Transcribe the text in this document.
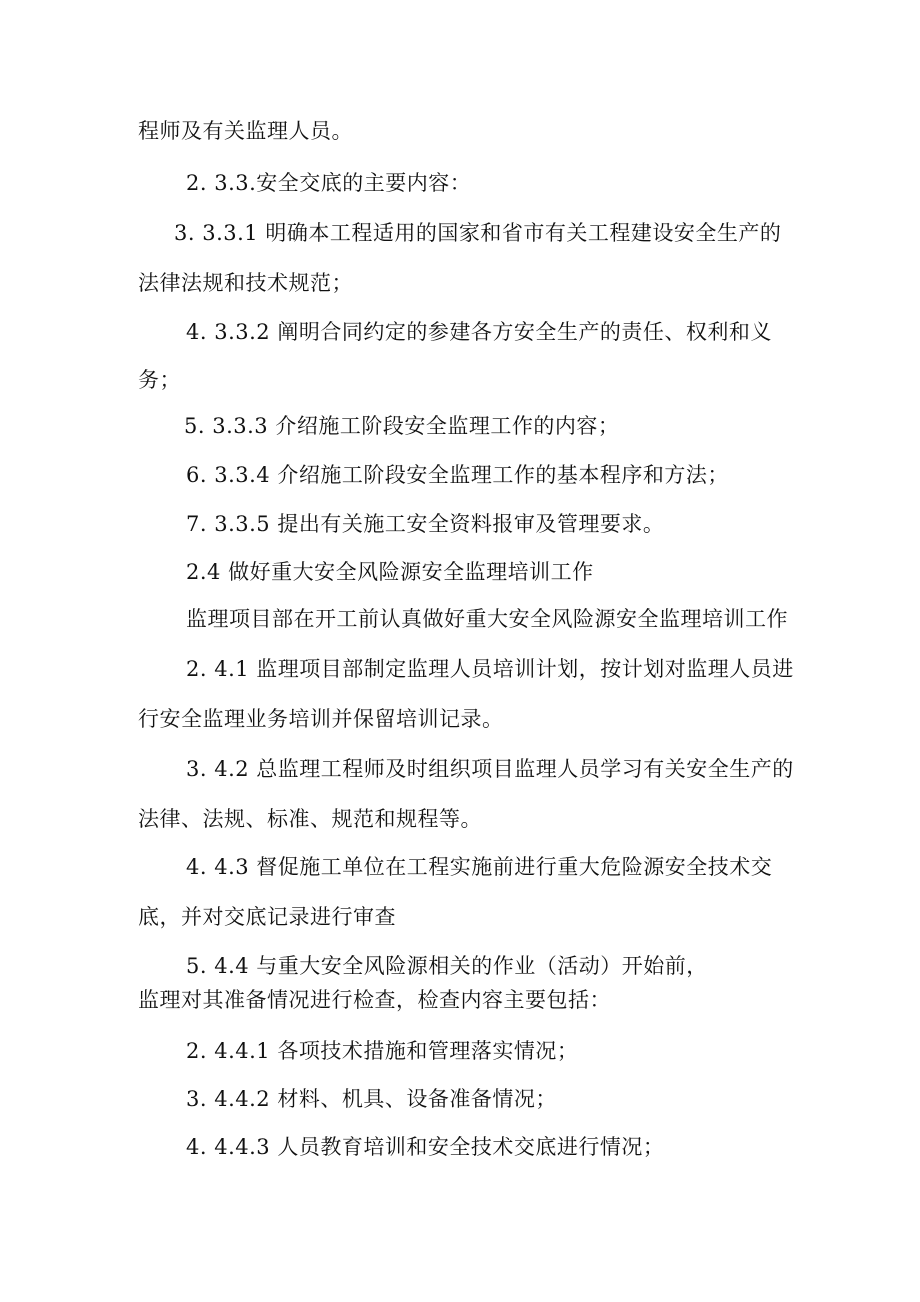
程师及有关监理人员。
2. 3.3.安全交底的主要内容：
3. 3.3.1 明确本工程适用的国家和省市有关工程建设安全生产的
法律法规和技术规范；
4. 3.3.2 阐明合同约定的参建各方安全生产的责任、权利和义
务；
5. 3.3.3 介绍施工阶段安全监理工作的内容；
6. 3.3.4 介绍施工阶段安全监理工作的基本程序和方法；
7. 3.3.5 提出有关施工安全资料报审及管理要求。
2.4 做好重大安全风险源安全监理培训工作
监理项目部在开工前认真做好重大安全风险源安全监理培训工作
2. 4.1 监理项目部制定监理人员培训计划，按计划对监理人员进
行安全监理业务培训并保留培训记录。
3. 4.2 总监理工程师及时组织项目监理人员学习有关安全生产的
法律、法规、标准、规范和规程等。
4. 4.3 督促施工单位在工程实施前进行重大危险源安全技术交
底，并对交底记录进行审查
5. 4.4 与重大安全风险源相关的作业（活动）开始前，
监理对其准备情况进行检查，检查内容主要包括：
2. 4.4.1 各项技术措施和管理落实情况；
3. 4.4.2 材料、机具、设备准备情况；
4. 4.4.3 人员教育培训和安全技术交底进行情况；
